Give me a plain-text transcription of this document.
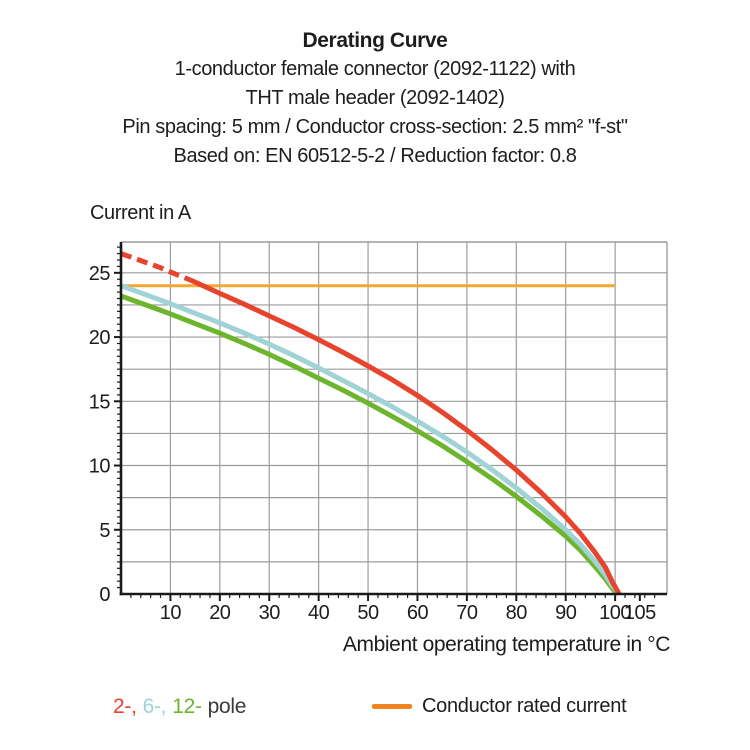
Derating Curve
1-conductor female connector (2092-1122) with
THT male header (2092-1402)
Pin spacing: 5 mm / Conductor cross-section: 2.5 mm² "f-st"
Based on: EN 60512-5-2 / Reduction factor: 0.8
Current in A
10 20 30 40 50 60 70 80 90 100
105
0
5
10
15
20
25
Ambient operating temperature in °C
2-, 6-, 12- pole	Conductor rated current
